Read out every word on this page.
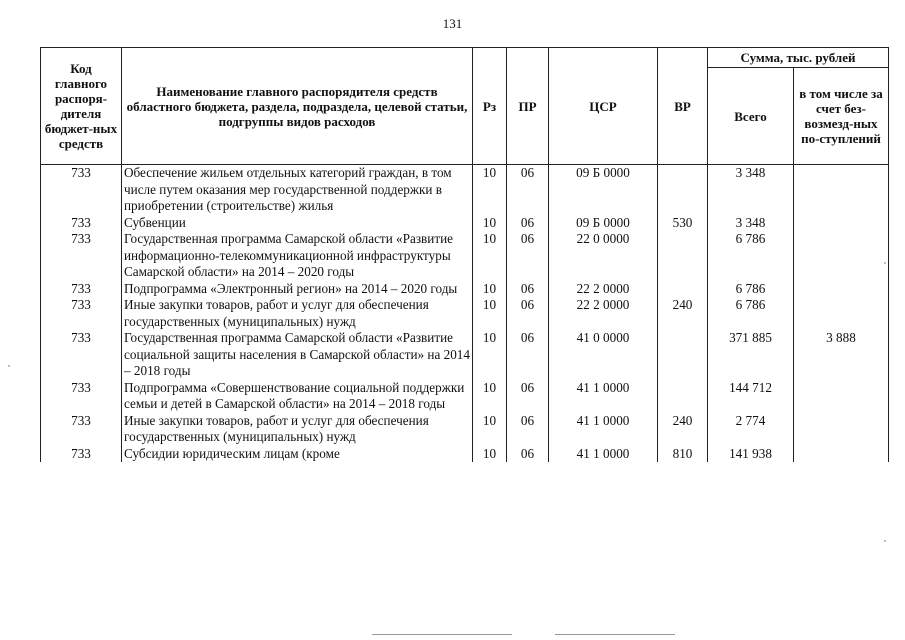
131
Код главного распоря-дителя бюджет-ных средств	Наименование главного распорядителя средств областного бюджета, раздела, подраздела, целевой статьи, подгруппы видов расходов	Рз	ПР	ЦСР	ВР	Сумма, тыс. рублей	
						Всего	в том числе за счет без-возмезд-ных по-ступлений
733	Обеспечение жильем отдельных категорий граждан, в том числе путем оказания мер государственной поддержки в приобретении (строительстве) жилья	10	06	09 Б 0000		3 348	
733	Субвенции	10	06	09 Б 0000	530	3 348	
733	Государственная программа Самарской области «Развитие информационно-телекоммуникационной инфраструктуры Самарской области» на 2014 – 2020 годы	10	06	22 0 0000		6 786	
733	Подпрограмма «Электронный регион» на 2014 – 2020 годы	10	06	22 2 0000		6 786	
733	Иные закупки товаров, работ и услуг для обеспечения государственных (муниципальных) нужд	10	06	22 2 0000	240	6 786	
733	Государственная программа Самарской области «Развитие социальной защиты населения в Самарской области» на 2014 – 2018 годы	10	06	41 0 0000		371 885	3 888
733	Подпрограмма «Совершенствование социальной поддержки семьи и детей в Самарской области» на 2014 – 2018 годы	10	06	41 1 0000		144 712	
733	Иные закупки товаров, работ и услуг для обеспечения государственных (муниципальных) нужд	10	06	41 1 0000	240	2 774	
733	Субсидии юридическим лицам (кроме	10	06	41 1 0000	810	141 938	
